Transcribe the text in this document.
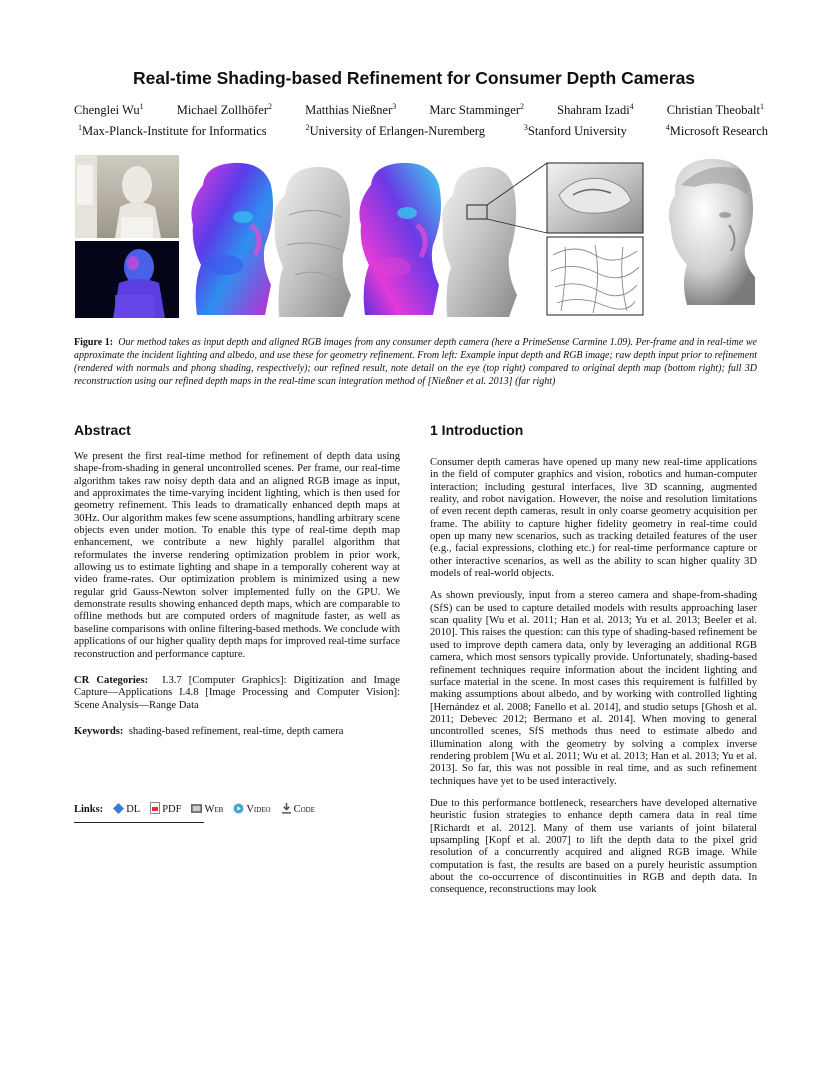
Real-time Shading-based Refinement for Consumer Depth Cameras
Chenglei Wu$^1$	Michael Zollhöfer$^2$	Matthias Nießner$^3$	Marc Stamminger$^2$	Shahram Izadi$^4$	Christian Theobalt$^1$
$^1$Max-Planck-Institute for Informatics	$^2$University of Erlangen-Nuremberg	$^3$Stanford University	$^4$Microsoft Research
Figure 1: Our method takes as input depth and aligned RGB images from any consumer depth camera (here a PrimeSense Carmine 1.09). Per-frame and in real-time we approximate the incident lighting and albedo, and use these for geometry refinement. From left: Example input depth and RGB image; raw depth input prior to refinement (rendered with normals and phong shading, respectively); our refined result, note detail on the eye (top right) compared to original depth map (bottom right); full 3D reconstruction using our refined depth maps in the real-time scan integration method of [Nießner et al. 2013] (far right)
Abstract

We present the first real-time method for refinement of depth data using shape-from-shading in general uncontrolled scenes. Per frame, our real-time algorithm takes raw noisy depth data and an aligned RGB image as input, and approximates the time-varying incident lighting, which is then used for geometry refinement. This leads to dramatically enhanced depth maps at 30Hz. Our algorithm makes few scene assumptions, handling arbitrary scene objects even under motion. To enable this type of real-time depth map enhancement, we contribute a new highly parallel algorithm that reformulates the inverse rendering optimization problem in prior work, allowing us to estimate lighting and shape in a temporally coherent way at video frame-rates. Our optimization problem is minimized using a new regular grid Gauss-Newton solver implemented fully on the GPU. We demonstrate results showing enhanced depth maps, which are comparable to offline methods but are computed orders of magnitude faster, as well as baseline comparisons with online filtering-based methods. We conclude with applications of our higher quality depth maps for improved real-time surface reconstruction and performance capture.

CR Categories: I.3.7 [Computer Graphics]: Digitization and Image Capture—Applications I.4.8 [Image Processing and Computer Vision]: Scene Analysis—Range Data

Keywords: shading-based refinement, real-time, depth camera

Links:	DL	PDF	Web	Video	Code
1 Introduction

Consumer depth cameras have opened up many new real-time applications in the field of computer graphics and vision, robotics and human-computer interaction; including gestural interfaces, live 3D scanning, augmented reality, and robot navigation. However, the noise and resolution limitations of even recent depth cameras, result in only coarse geometry acquisition per frame. The ability to capture higher fidelity geometry in real-time could open up many new scenarios, such as tracking detailed features of the user (e.g., facial expressions, clothing etc.) for real-time performance capture or other interactive scenarios, as well as the ability to scan higher quality 3D models of real-world objects.

As shown previously, input from a stereo camera and shape-from-shading (SfS) can be used to capture detailed models with results approaching laser scan quality [Wu et al. 2011; Han et al. 2013; Yu et al. 2013; Beeler et al. 2010]. This raises the question: can this type of shading-based refinement be used to improve depth camera data, only by leveraging an additional RGB camera, which most sensors typically provide. Unfortunately, shading-based refinement techniques require information about the incident lighting and surface material in the scene. In most cases this requirement is fulfilled by making assumptions about albedo, and by working with controlled lighting [Hernández et al. 2008; Fanello et al. 2014], and studio setups [Ghosh et al. 2011; Debevec 2012; Bermano et al. 2014]. When moving to general uncontrolled scenes, SfS methods thus need to estimate albedo and illumination along with the geometry by solving a complex inverse rendering problem [Wu et al. 2011; Wu et al. 2013; Han et al. 2013; Yu et al. 2013]. So far, this was not possible in real time, and as such refinement techniques have yet to be used interactively.

Due to this performance bottleneck, researchers have developed alternative heuristic fusion strategies to enhance depth camera data in real time [Richardt et al. 2012]. Many of them use variants of joint bilateral upsampling [Kopf et al. 2007] to lift the depth data to the pixel grid resolution of a concurrently acquired and aligned RGB image. While computation is fast, the results are based on a purely heuristic assumption about the co-occurrence of discontinuities in RGB and depth data. In consequence, reconstructions may look
